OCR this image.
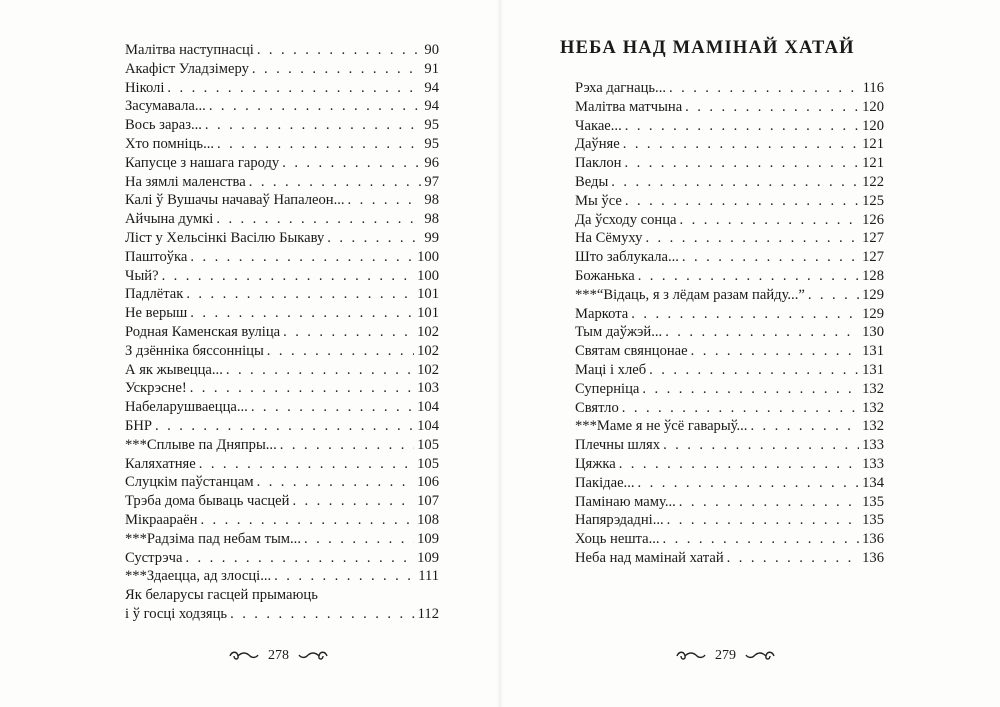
Малітва наступнасці . . .	90
Акафіст Уладзімеру . . .	91
Ніколі . . .	94
Засумавала... . . .	94
Вось зараз... . . .	95
Хто помніць... . . .	95
Капусце з нашага гароду . . .	96
На зямлі маленства . . .	97
Калі ў Вушачы начаваў Напалеон... . . .	98
Айчына думкі . . .	98
Ліст у Хельсінкі Васілю Быкаву . . .	99
Паштоўка . . .	100
Чый? . . .	100
Падлётак . . .	101
Не верыш . . .	101
Родная Каменская вуліца . . .	102
З дзённіка бяссонніцы . . .	102
А як жывецца... . . .	102
Ускрэсне! . . .	103
Набеларушваецца... . . .	104
БНР . . .	104
***Сплыве па Дняпры... . . .	105
Каляхатняе . . .	105
Слуцкім паўстанцам . . .	106
Трэба дома бываць часцей . . .	107
Мікраараён . . .	108
***Радзіма пад небам тым... . . .	109
Сустрэча . . .	109
***Здаецца, ад злосці... . . .	111
Як беларусы гасцей прымаюць
і ў госці ходзяць . . .	112
278
НЕБА НАД МАМІНАЙ ХАТАЙ
Рэха дагнаць... . . .	116
Малітва матчына . . .	120
Чакае... . . .	120
Даўняе . . .	121
Паклон . . .	121
Веды . . .	122
Мы ўсе . . .	125
Да ўсходу сонца . . .	126
На Сёмуху . . .	127
Што заблукала... . . .	127
Божанька . . .	128
***“Відаць, я з лёдам разам пайду...” . . .	129
Маркота . . .	129
Тым даўжэй... . . .	130
Святам свянцонае . . .	131
Маці і хлеб . . .	131
Суперніца . . .	132
Святло . . .	132
***Маме я не ўсё гаварыў... . . .	132
Плечны шлях . . .	133
Цяжка . . .	133
Пакідае... . . .	134
Памінаю маму... . . .	135
Напярэдадні... . . .	135
Хоць нешта... . . .	136
Неба над мамінай хатай . . .	136
279
